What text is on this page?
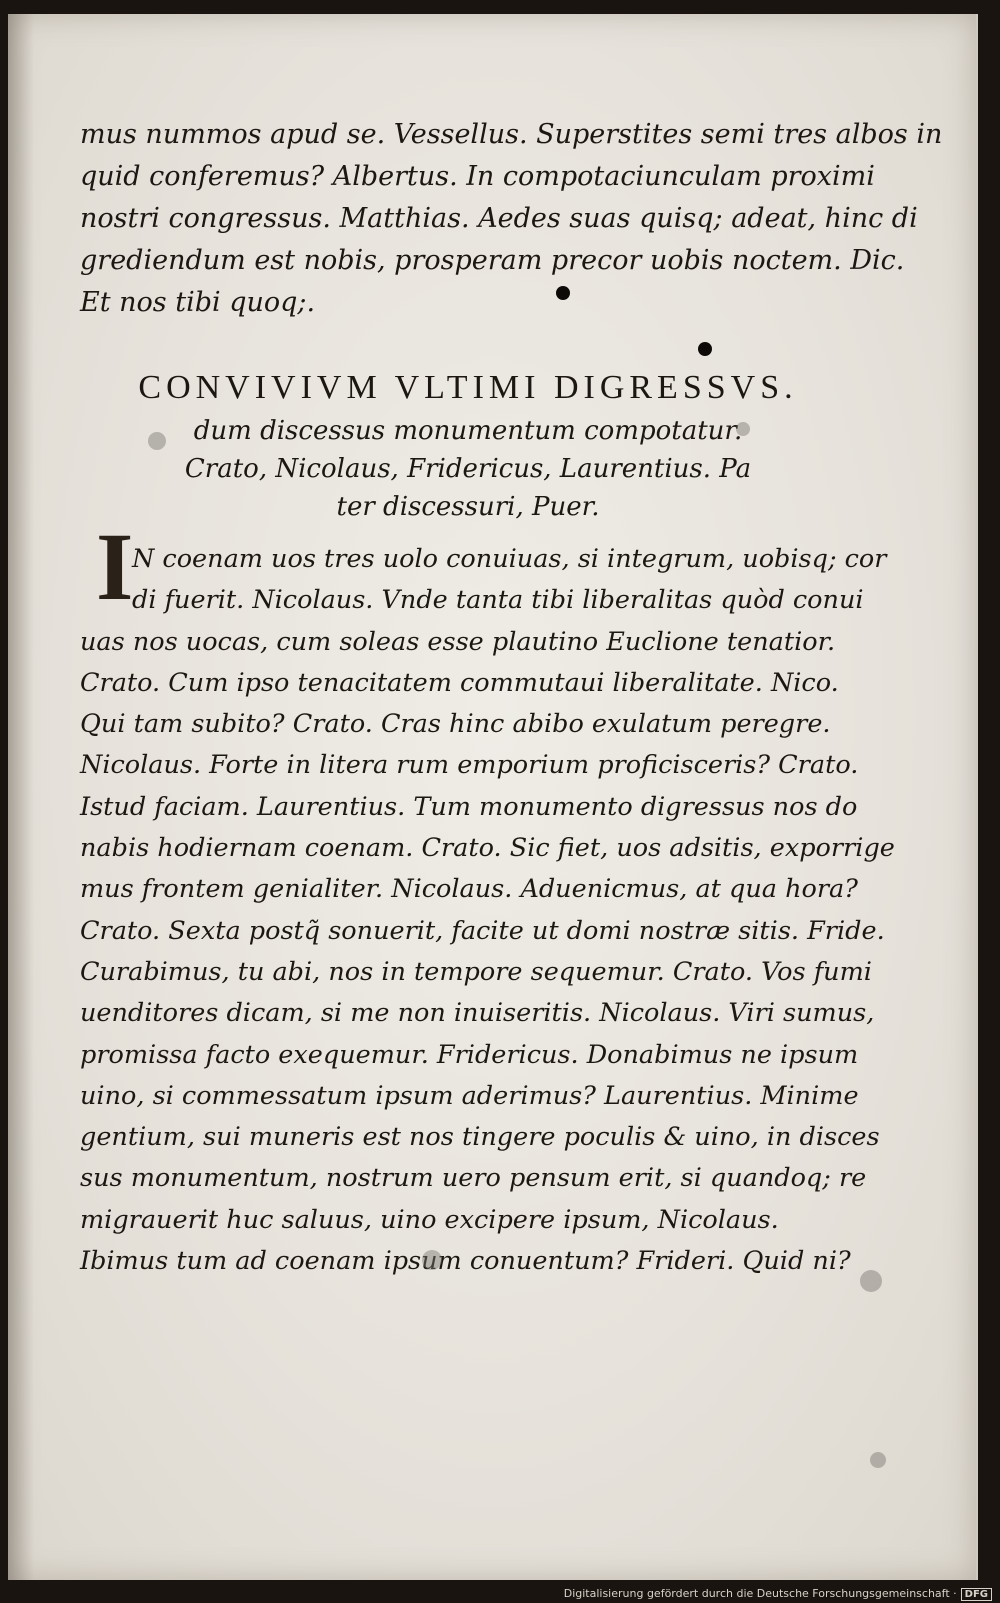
mus nummos apud se. Vessellus. Superstites semi tres albos in
quid conferemus? Albertus. In compotaciunculam proximi
nostri congressus. Matthias. Aedes suas quisq; adeat, hinc di
grediendum est nobis, prosperam precor uobis noctem. Dic.
Et nos tibi quoq;.
CONVIVIVM VLTIMI DIGRESSVS.
dum discessus monumentum compotatur.
Crato, Nicolaus, Fridericus, Laurentius. Pa
ter discessuri, Puer.
I
N coenam uos tres uolo conuiuas, si integrum, uobisq; cor
di fuerit. Nicolaus. Vnde tanta tibi liberalitas quòd conui
uas nos uocas, cum soleas esse plautino Euclione tenatior.
Crato. Cum ipso tenacitatem commutaui liberalitate. Nico.
Qui tam subito? Crato. Cras hinc abibo exulatum peregre.
Nicolaus. Forte in litera rum emporium proficisceris? Crato.
Istud faciam. Laurentius. Tum monumento digressus nos do
nabis hodiernam coenam. Crato. Sic fiet, uos adsitis, exporrige
mus frontem genialiter. Nicolaus. Aduenicmus, at qua hora?
Crato. Sexta postq̃ sonuerit, facite ut domi nostræ sitis. Fride.
Curabimus, tu abi, nos in tempore sequemur. Crato. Vos fumi
uenditores dicam, si me non inuiseritis. Nicolaus. Viri sumus,
promissa facto exequemur. Fridericus. Donabimus ne ipsum
uino, si commessatum ipsum aderimus? Laurentius. Minime
gentium, sui muneris est nos tingere poculis & uino, in disces
sus monumentum, nostrum uero pensum erit, si quandoq; re
migrauerit huc saluus, uino excipere ipsum, Nicolaus.
Ibimus tum ad coenam ipsum conuentum? Frideri. Quid ni?
Digitalisierung gefördert durch die Deutsche Forschungsgemeinschaft · DFG
